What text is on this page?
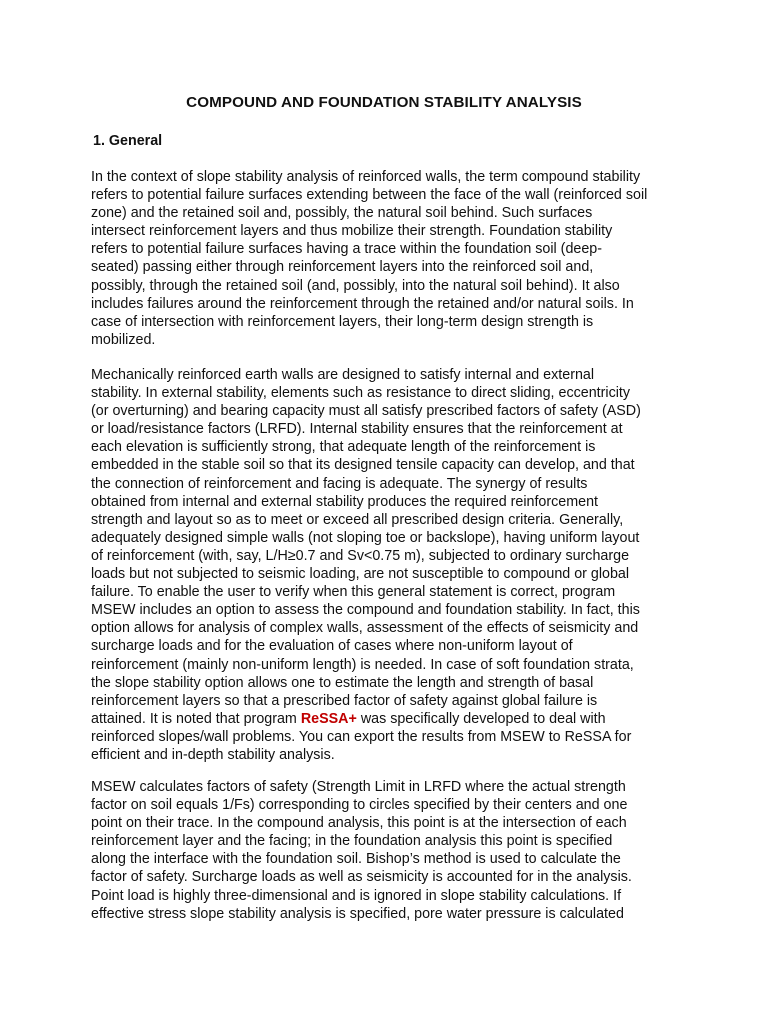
COMPOUND AND FOUNDATION STABILITY ANALYSIS
1. General

In the context of slope stability analysis of reinforced walls, the term compound stability
refers to potential failure surfaces extending between the face of the wall (reinforced soil
zone) and the retained soil and, possibly, the natural soil behind. Such surfaces
intersect reinforcement layers and thus mobilize their strength. Foundation stability
refers to potential failure surfaces having a trace within the foundation soil (deep-
seated) passing either through reinforcement layers into the reinforced soil and,
possibly, through the retained soil (and, possibly, into the natural soil behind). It also
includes failures around the reinforcement through the retained and/or natural soils. In
case of intersection with reinforcement layers, their long-term design strength is
mobilized.

Mechanically reinforced earth walls are designed to satisfy internal and external
stability. In external stability, elements such as resistance to direct sliding, eccentricity
(or overturning) and bearing capacity must all satisfy prescribed factors of safety (ASD)
or load/resistance factors (LRFD). Internal stability ensures that the reinforcement at
each elevation is sufficiently strong, that adequate length of the reinforcement is
embedded in the stable soil so that its designed tensile capacity can develop, and that
the connection of reinforcement and facing is adequate. The synergy of results
obtained from internal and external stability produces the required reinforcement
strength and layout so as to meet or exceed all prescribed design criteria. Generally,
adequately designed simple walls (not sloping toe or backslope), having uniform layout
of reinforcement (with, say, L/H≥0.7 and Sv<0.75 m), subjected to ordinary surcharge
loads but not subjected to seismic loading, are not susceptible to compound or global
failure. To enable the user to verify when this general statement is correct, program
MSEW includes an option to assess the compound and foundation stability. In fact, this
option allows for analysis of complex walls, assessment of the effects of seismicity and
surcharge loads and for the evaluation of cases where non-uniform layout of
reinforcement (mainly non-uniform length) is needed. In case of soft foundation strata,
the slope stability option allows one to estimate the length and strength of basal
reinforcement layers so that a prescribed factor of safety against global failure is
attained. It is noted that program ReSSA+ was specifically developed to deal with
reinforced slopes/wall problems. You can export the results from MSEW to ReSSA for
efficient and in-depth stability analysis.

MSEW calculates factors of safety (Strength Limit in LRFD where the actual strength
factor on soil equals 1/Fs) corresponding to circles specified by their centers and one
point on their trace. In the compound analysis, this point is at the intersection of each
reinforcement layer and the facing; in the foundation analysis this point is specified
along the interface with the foundation soil. Bishop’s method is used to calculate the
factor of safety. Surcharge loads as well as seismicity is accounted for in the analysis.
Point load is highly three-dimensional and is ignored in slope stability calculations. If
effective stress slope stability analysis is specified, pore water pressure is calculated
